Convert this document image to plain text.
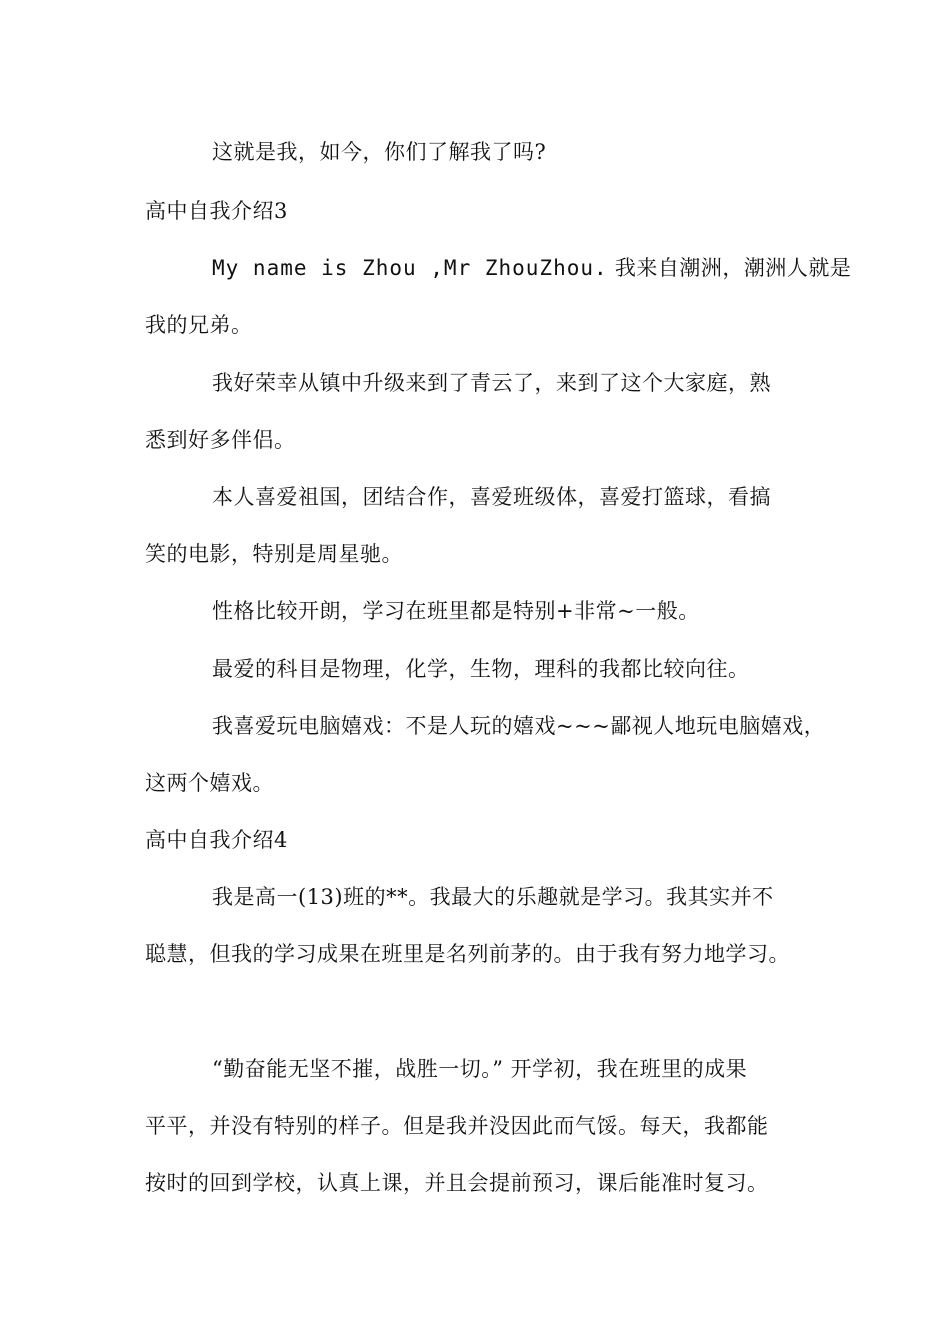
这就是我，如今，你们了解我了吗?
高中自我介绍3
My name is Zhou ,Mr ZhouZhou. 我来自潮洲，潮洲人就是
我的兄弟。
我好荣幸从镇中升级来到了青云了，来到了这个大家庭，熟
悉到好多伴侣。
本人喜爱祖国，团结合作，喜爱班级体，喜爱打篮球，看搞
笑的电影，特别是周星驰。
性格比较开朗，学习在班里都是特别+非常~一般。
最爱的科目是物理，化学，生物，理科的我都比较向往。
我喜爱玩电脑嬉戏：不是人玩的嬉戏~~~鄙视人地玩电脑嬉戏，
这两个嬉戏。
高中自我介绍4
我是高一(13)班的**。我最大的乐趣就是学习。我其实并不
聪慧，但我的学习成果在班里是名列前茅的。由于我有努力地学习。
“勤奋能无坚不摧，战胜一切。” 开学初，我在班里的成果
平平，并没有特别的样子。但是我并没因此而气馁。每天，我都能
按时的回到学校，认真上课，并且会提前预习，课后能准时复习。
